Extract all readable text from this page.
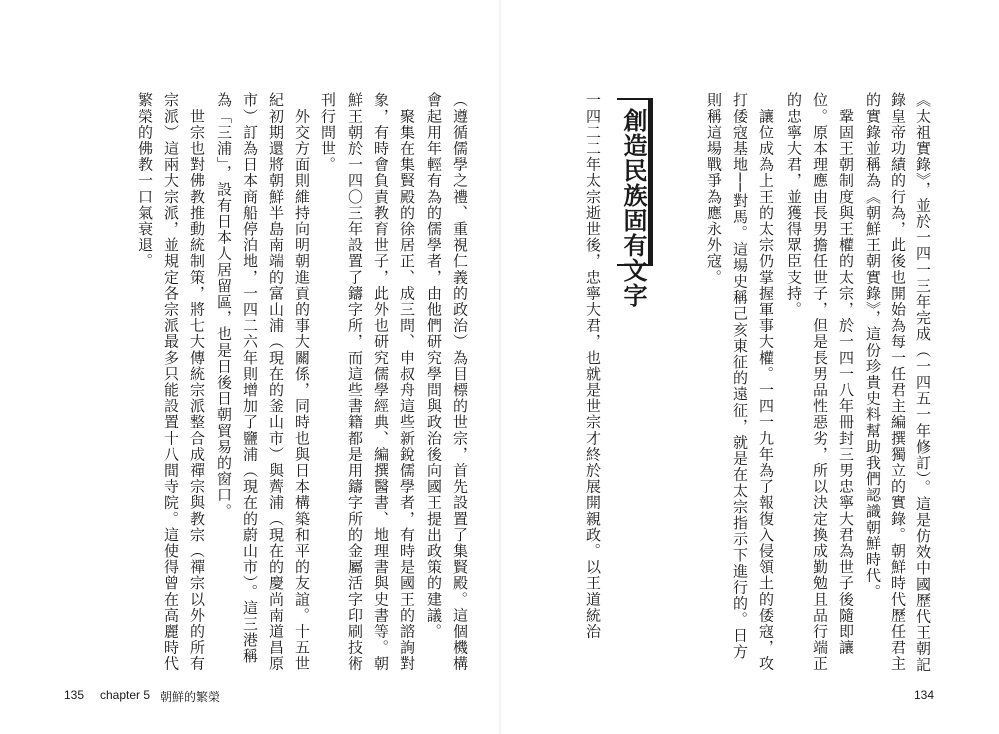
《太祖實錄》，並於一四一三年完成（一四五一年修訂）。這是仿效中國歷代王朝記
錄皇帝功績的行為，此後也開始為每一任君主編撰獨立的實錄。朝鮮時代歷任君主
的實錄並稱為《朝鮮王朝實錄》，這份珍貴史料幫助我們認識朝鮮時代。
　鞏固王朝制度與王權的太宗，於一四一八年冊封三男忠寧大君為世子後隨即讓
位。原本理應由長男擔任世子，但是長男品性惡劣，所以決定換成勤勉且品行端正
的忠寧大君，並獲得眾臣支持。
　讓位成為上王的太宗仍掌握軍事大權。一四一九年為了報復入侵領土的倭寇，攻
打倭寇基地──對馬。這場史稱己亥東征的遠征，就是在太宗指示下進行的。日方
則稱這場戰爭為應永外寇。
創造民族固有文字
一四二二年太宗逝世後，忠寧大君，也就是世宗才終於展開親政。以王道統治
（遵循儒學之禮、重視仁義的政治）為目標的世宗，首先設置了集賢殿。這個機構
會起用年輕有為的儒學者，由他們研究學問與政治後向國王提出政策的建議。
　聚集在集賢殿的徐居正、成三問、申叔舟這些新銳儒學者，有時是國王的諮詢對
象，有時會負責教育世子，此外也研究儒學經典、編撰醫書、地理書與史書等。朝
鮮王朝於一四〇三年設置了鑄字所，而這些書籍都是用鑄字所的金屬活字印刷技術
刊行問世。
　外交方面則維持向明朝進貢的事大關係，同時也與日本構築和平的友誼。十五世
紀初期還將朝鮮半島南端的富山浦（現在的釜山市）與薺浦（現在的慶尚南道昌原
市）訂為日本商船停泊地，一四二六年則增加了鹽浦（現在的蔚山市）。這三港稱
為「三浦」，設有日本人居留區，也是日後日朝貿易的窗口。
　世宗也對佛教推動統制策，將七大傳統宗派整合成禪宗與教宗（禪宗以外的所有
宗派）這兩大宗派，並規定各宗派最多只能設置十八間寺院。這使得曾在高麗時代
繁榮的佛教一口氣衰退。
135 chapter 5 朝鮮的繁榮	134
